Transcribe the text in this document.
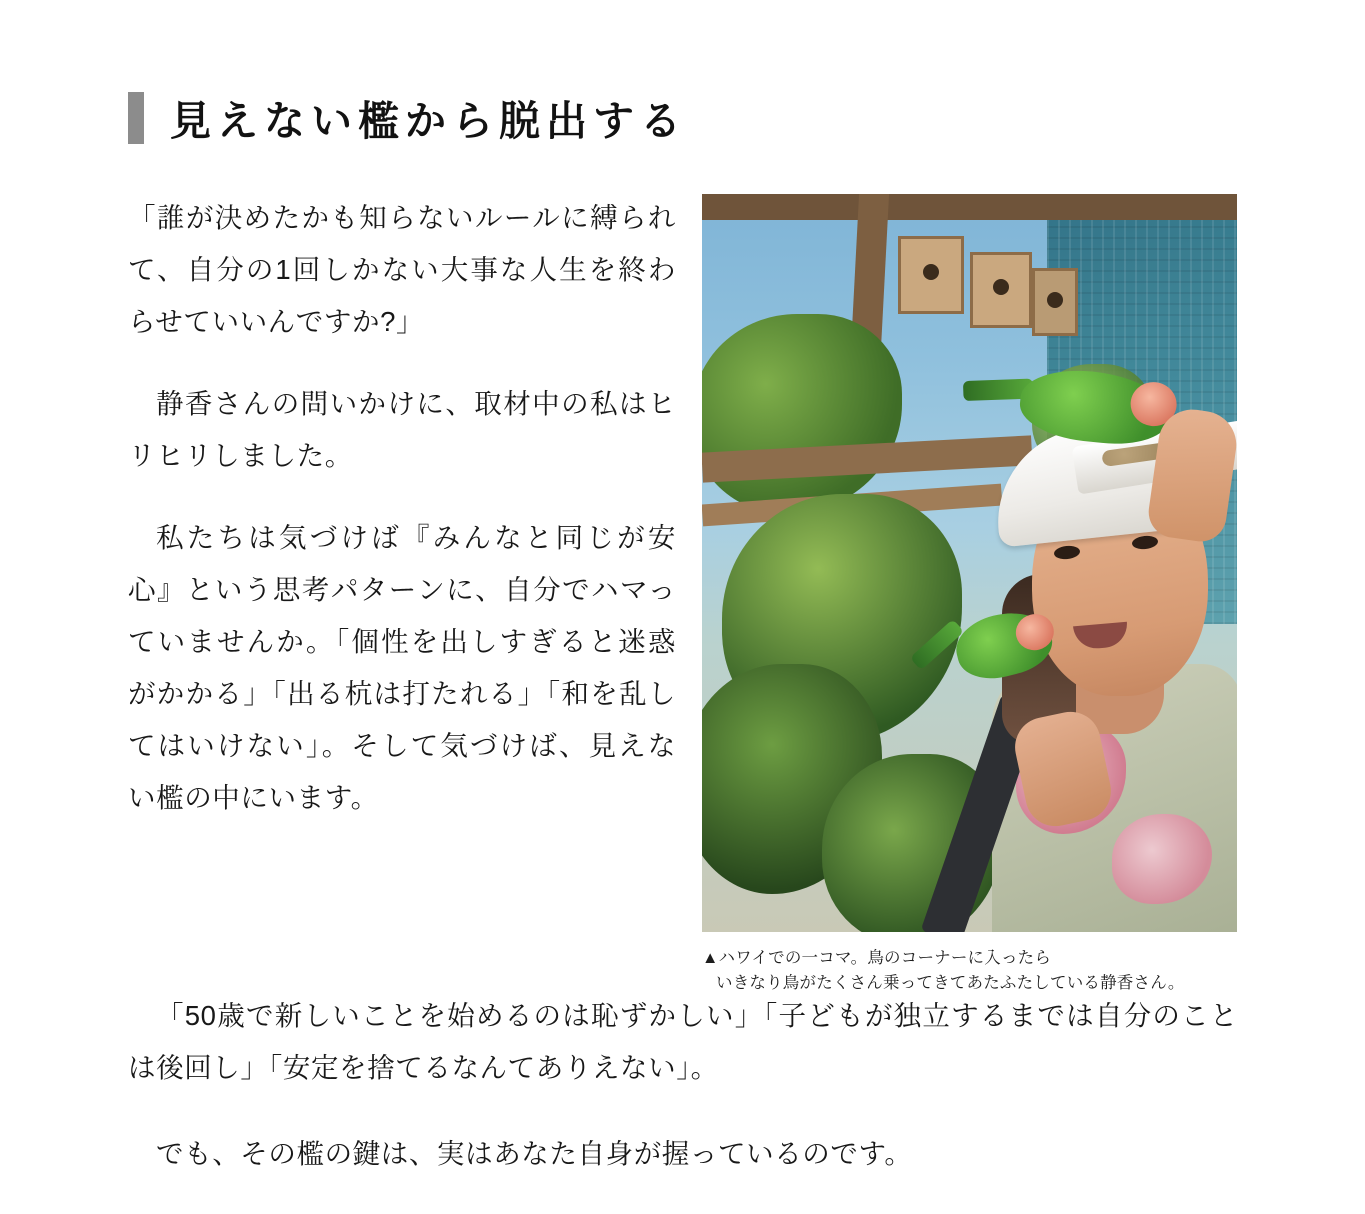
見えない檻から脱出する

「誰が決めたかも知らないルールに縛られて、自分の1回しかない大事な人生を終わらせていいんですか?」

静香さんの問いかけに、取材中の私はヒリヒリしました。

私たちは気づけば『みんなと同じが安心』という思考パターンに、自分でハマっていませんか。「個性を出しすぎると迷惑がかかる」「出る杭は打たれる」「和を乱してはいけない」。そして気づけば、見えない檻の中にいます。

▲ハワイでの一コマ。鳥のコーナーに入ったら
いきなり鳥がたくさん乗ってきてあたふたしている静香さん。

「50歳で新しいことを始めるのは恥ずかしい」「子どもが独立するまでは自分のことは後回し」「安定を捨てるなんてありえない」。

でも、その檻の鍵は、実はあなた自身が握っているのです。
